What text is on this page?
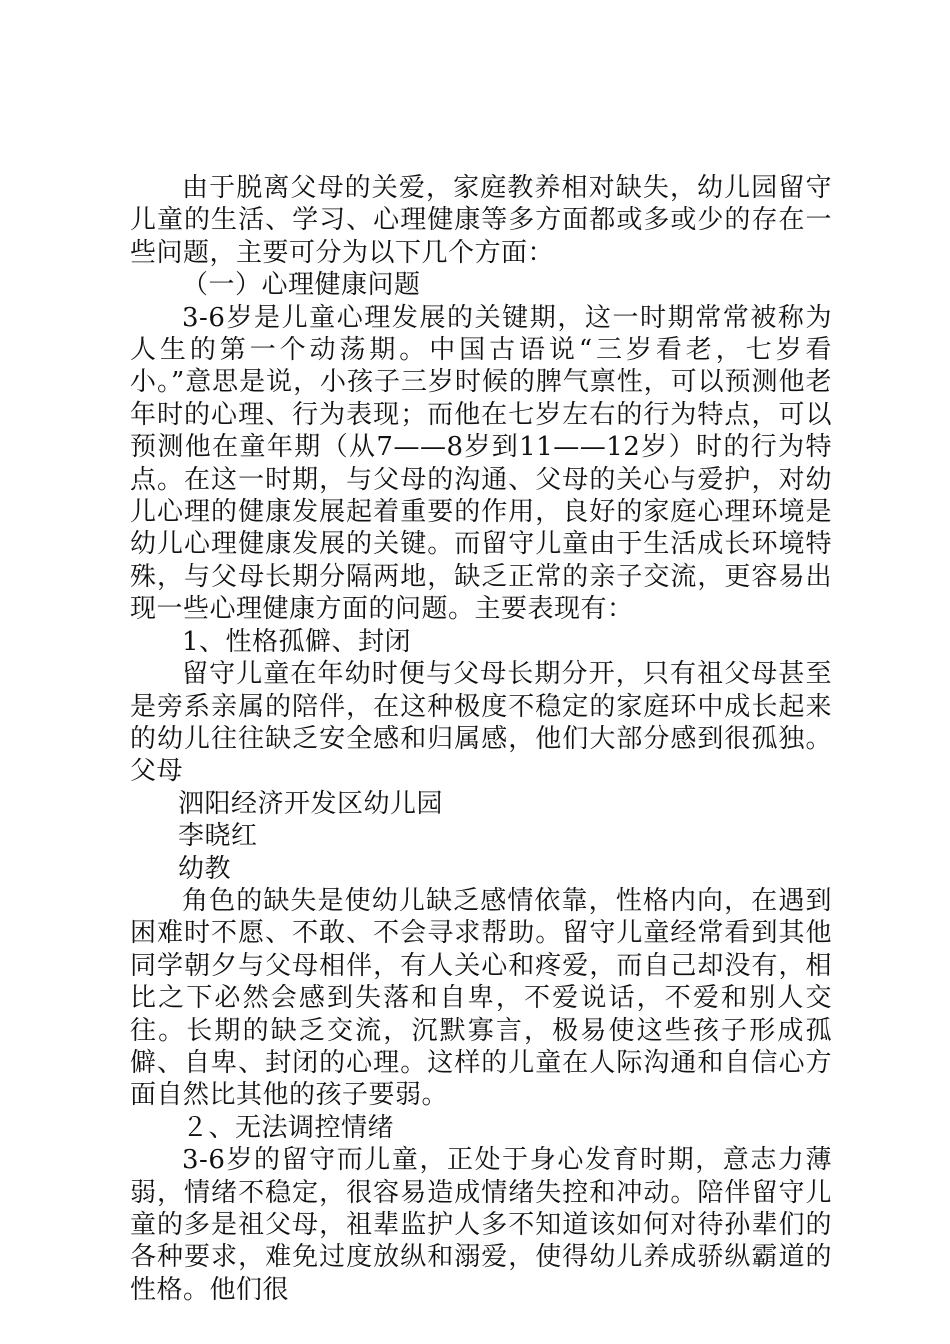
由于脱离父母的关爱，家庭教养相对缺失，幼儿园留守儿童的生活、学习、心理健康等多方面都或多或少的存在一些问题，主要可分为以下几个方面：

（一）心理健康问题

3-6岁是儿童心理发展的关键期，这一时期常常被称为人生的第一个动荡期。中国古语说“三岁看老，七岁看小。”意思是说，小孩子三岁时候的脾气禀性，可以预测他老年时的心理、行为表现；而他在七岁左右的行为特点，可以预测他在童年期（从7——8岁到11——12岁）时的行为特点。在这一时期，与父母的沟通、父母的关心与爱护，对幼儿心理的健康发展起着重要的作用，良好的家庭心理环境是幼儿心理健康发展的关键。而留守儿童由于生活成长环境特殊，与父母长期分隔两地，缺乏正常的亲子交流，更容易出现一些心理健康方面的问题。主要表现有：

1、性格孤僻、封闭

留守儿童在年幼时便与父母长期分开，只有祖父母甚至是旁系亲属的陪伴，在这种极度不稳定的家庭环中成长起来的幼儿往往缺乏安全感和归属感，他们大部分感到很孤独。父母

泗阳经济开发区幼儿园

李晓红

幼教

角色的缺失是使幼儿缺乏感情依靠，性格内向，在遇到困难时不愿、不敢、不会寻求帮助。留守儿童经常看到其他同学朝夕与父母相伴，有人关心和疼爱，而自己却没有，相比之下必然会感到失落和自卑，不爱说话，不爱和别人交往。长期的缺乏交流，沉默寡言，极易使这些孩子形成孤僻、自卑、封闭的心理。这样的儿童在人际沟通和自信心方面自然比其他的孩子要弱。

２、无法调控情绪

3-6岁的留守而儿童，正处于身心发育时期，意志力薄弱，情绪不稳定，很容易造成情绪失控和冲动。陪伴留守儿童的多是祖父母，祖辈监护人多不知道该如何对待孙辈们的各种要求，难免过度放纵和溺爱，使得幼儿养成骄纵霸道的性格。他们很
